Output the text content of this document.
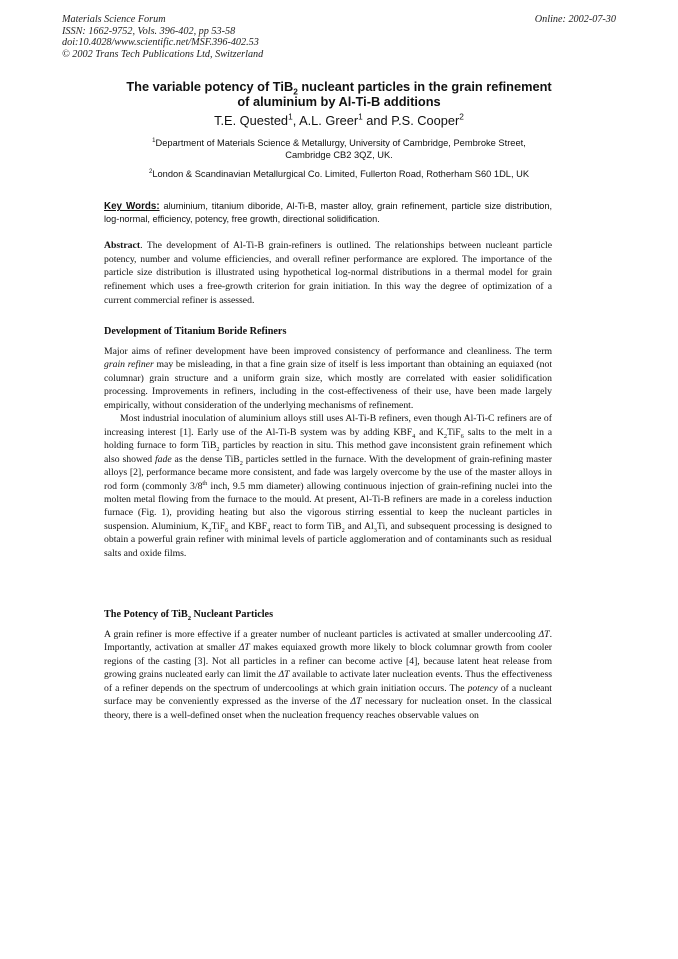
Materials Science Forum
ISSN: 1662-9752, Vols. 396-402, pp 53-58
doi:10.4028/www.scientific.net/MSF.396-402.53
© 2002 Trans Tech Publications Ltd, Switzerland
Online: 2002-07-30
The variable potency of TiB$_2$ nucleant particles in the grain refinement
of aluminium by Al-Ti-B additions
T.E. Quested$^1$, A.L. Greer$^1$ and P.S. Cooper$^2$
$^1$Department of Materials Science & Metallurgy, University of Cambridge, Pembroke Street,
Cambridge CB2 3QZ, UK.
$^2$London & Scandinavian Metallurgical Co. Limited, Fullerton Road, Rotherham S60 1DL, UK
Key Words: aluminium, titanium diboride, Al-Ti-B, master alloy, grain refinement, particle size distribution, log-normal, efficiency, potency, free growth, directional solidification.
Abstract. The development of Al-Ti-B grain-refiners is outlined. The relationships between nucleant particle potency, number and volume efficiencies, and overall refiner performance are explored. The importance of the particle size distribution is illustrated using hypothetical log-normal distributions in a thermal model for grain refinement which uses a free-growth criterion for grain initiation. In this way the degree of optimization of a current commercial refiner is assessed.
Development of Titanium Boride Refiners

Major aims of refiner development have been improved consistency of performance and cleanliness. The term grain refiner may be misleading, in that a fine grain size of itself is less important than obtaining an equiaxed (not columnar) grain structure and a uniform grain size, which mostly are correlated with easier solidification processing. Improvements in refiners, including in the cost-effectiveness of their use, have been made largely empirically, without consideration of the underlying mechanisms of refinement.

Most industrial inoculation of aluminium alloys still uses Al-Ti-B refiners, even though Al-Ti-C refiners are of increasing interest [1]. Early use of the Al-Ti-B system was by adding $KBF_4$ and $K_2TiF_6$ salts to the melt in a holding furnace to form TiB$_2$ particles by reaction in situ. This method gave inconsistent grain refinement which also showed fade as the dense TiB$_2$ particles settled in the furnace. With the development of grain-refining master alloys [2], performance became more consistent, and fade was largely overcome by the use of the master alloys in rod form (commonly 3/8th inch, 9.5 mm diameter) allowing continuous injection of grain-refining nuclei into the molten metal flowing from the furnace to the mould. At present, Al-Ti-B refiners are made in a coreless induction furnace (Fig. 1), providing heating but also the vigorous stirring essential to keep the nucleant particles in suspension. Aluminium, $K_2TiF_6$ and $KBF_4$ react to form TiB$_2$ and $Al_3Ti$, and subsequent processing is designed to obtain a powerful grain refiner with minimal levels of particle agglomeration and of contaminants such as residual salts and oxide films.

The Potency of TiB$_2$ Nucleant Particles

A grain refiner is more effective if a greater number of nucleant particles is activated at smaller undercooling ΔT. Importantly, activation at smaller ΔT makes equiaxed growth more likely to block columnar growth from cooler regions of the casting [3]. Not all particles in a refiner can become active [4], because latent heat release from growing grains nucleated early can limit the ΔT available to activate later nucleation events. Thus the effectiveness of a refiner depends on the spectrum of undercoolings at which grain initiation occurs. The potency of a nucleant surface may be conveniently expressed as the inverse of the ΔT necessary for nucleation onset. In the classical theory, there is a well-defined onset when the nucleation frequency reaches observable values on
